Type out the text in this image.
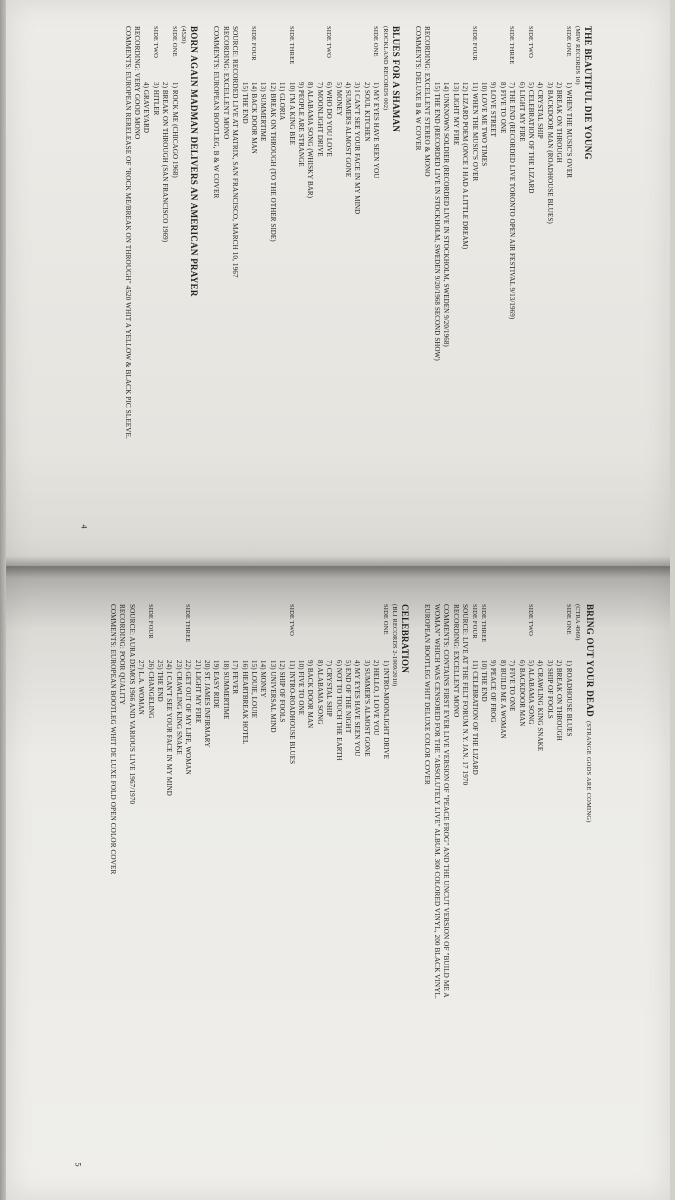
THE BEAUTIFUL DIE YOUNG
(MIW RECORDS 10)
SIDE ONE
1) WHEN THE MUSIC'S OVER
2) BREAK ON THROUGH
3) BACKDOOR MAN (ROADHOUSE BLUES)
4) CRYSTAL SHIP
SIDE TWO
5) CELEBRATION OF THE LIZARD
6) LIGHT MY FIRE
SIDE THREE
7) THE END (RECORDED LIVE TORONTO OPEN AIR FESTIVAL 9/13/1969)
8) FIVE TO ONE
9) LOVE STREET
10) LOVE ME TWO TIMES
SIDE FOUR
11) WHEN THE MUSIC'S OVER
12) LIZARD POEM (ONCE I HAD A LITTLE DREAM)
13) LIGHT MY FIRE
14) UNKNOWN SOLDIER (RECORDED LIVE IN STOCKHOLM, SWEDEN 9/20/1968)
15) THE END (RECORDED LIVE IN STOCKHOLM, SWEDEN 9/20/1968 SECOND SHOW)
RECORDING: EXCELLENT STEREO & MONO
COMMENTS: DELUXE B & W COVER
BLUES FOR A SHAMAN
(ROCKLAND RECORDS 002)
SIDE ONE
1) MY EYES HAVE SEEN YOU
2) SOUL KITCHEN
3) I CAN'T SEE YOUR FACE IN MY MIND
4) SUMMERS ALMOST GONE
5) MONEY
SIDE TWO
6) WHO DO YOU LOVE
7) MOONLIGHT DRIVE
8) ALABAMA SONG (WHISKY BAR)
9) PEOPLE ARE STRANGE
SIDE THREE
10) I'M A KING BEE
11) GLORIA
12) BREAK ON THROUGH (TO THE OTHER SIDE)
13) SUMMERTIME
SIDE FOUR
14) BACK DOOR MAN
15) THE END
SOURCE: RECORDED LIVE AT MATRIX, SAN FRANCISCO, MARCH 10, 1967
RECORDING: EXCELLENT MONO
COMMENTS: EUROPEAN BOOTLEG, B & W COVER
BORN AGAIN MADMAN DELIVERS AN AMERICAN PRAYER
(4520)
SIDE ONE
1) ROCK ME (CHICAGO 1968)
2) BREAK ON THROUGH (SAN FRANCISCO 1969)
SIDE TWO
3) HITLER
4) GRAVEYARD
RECORDING: VERY GOOD MONO
COMMENTS: EUROPEAN RERELEASE OF "ROCK ME/BREAK ON THROUGH" 4520 WHIT A YELLOW & BLACK PIC SLEEVE.
4
BRING OUT YOUR DEAD(STRANGE GODS ARE COMING)
(CTRA 4969)
SIDE ONE
1) ROADHOUSE BLUES
2) BREAK ON THROUGH
3) SHIP OF FOOLS
4) CRAWLING KING SNAKE
SIDE TWO
5) ALABAMA SONG
6) BACKDOOR MAN
7) FIVE TO ONE
8) BUILD ME A WOMAN
9) PEACE OF FROG
SIDE THREE
10) THE END
SIDE FOUR
11) CELEBRATION OF THE LIZARD
SOURCE: LIVE AT THE FELT FORUM N.Y. JAN. 17 1970
RECORDING: EXCELLENT MONO
COMMENTS: CONTAINS FIRST EVER LIVE VERSION OF "PEACE FROG" AND THE UNCUT VERSION OF "BUILD ME A WOMAN" WHICH WAS CENSORED FOR THE "ABSOLUTELY LIVE" ALBUM. 300 COLORED VINYL, 200 BLACK VINYL. EUROPEAN BOOTLEG WHIT DELUXE COLOR COVER
CELEBRATION
(BLI RECORDS 2-1909/2010)
SIDE ONE
1) INTRO-MOONLIGHT DRIVE
2) HELLO, I LOVE YOU
3) SUMMER'S ALMOST GONE
4) MY EYES HAVE SEEN YOU
5) END OF THE NIGHT
6) NOT TO TOUCH THE EARTH
7) CRYSTAL SHIP
8) ALABAMA SONG
9) BACK DOOR MAN
10) FIVE TO ONE
SIDE TWO
11) INTRO-ROADHOUSE BLUES
12) SHIP OF FOOLS
13) UNIVERSAL MIND
14) MONEY
15) LOUIE, LOUIE
16) HEARTBREAK HOTEL
17) FEVER
18) SUMMERTIME
19) EASY RIDE
20) ST. JAMES INFIRMARY
21) LIGHT MY FIRE
SIDE THREE
22) GET OUT OF MY LIFE, WOMAN
23) CRAWLING KING SNAKE
24) I CAN'T SEE YOUR FACE IN MY MIND
25) THE END
SIDE FOUR
26) CHANGELING
27) L.A. WOMAN
SOURCE: AURA DEMOS 1966 AND VARIOUS LIVE 1967/1970
RECORDING: POOR QUALITY
COMMENTS: EUROPEAN BOOTLEG WHIT DE LUXE FOLD OPEN COLOR COVER
5
